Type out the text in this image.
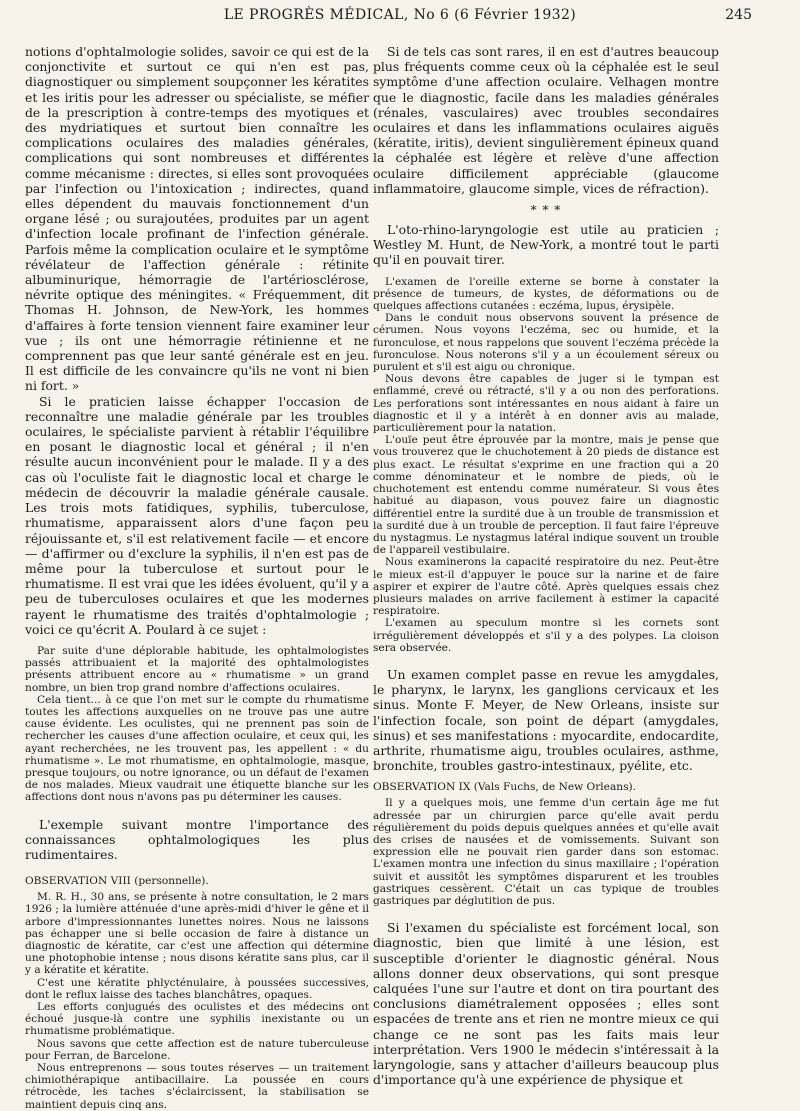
LE PROGRÈS MÉDICAL, No 6 (6 Février 1932)	245

notions d'ophtalmologie solides, savoir ce qui est de la conjonctivite et surtout ce qui n'en est pas, diagnostiquer ou simplement soupçonner les kératites et les iritis pour les adresser ou spécialiste, se méfier de la prescription à contre-temps des myotiques et des mydriatiques et surtout bien connaître les complications oculaires des maladies générales, complications qui sont nombreuses et différentes comme mécanisme : directes, si elles sont provoquées par l'infection ou l'intoxication ; indirectes, quand elles dépendent du mauvais fonctionnement d'un organe lésé ; ou surajoutées, produites par un agent d'infection locale profinant de l'infection générale. Parfois même la complication oculaire et le symptôme révélateur de l'affection générale : rétinite albuminurique, hémorragie de l'artériosclérose, névrite optique des méningites. « Fréquemment, dit Thomas H. Johnson, de New-York, les hommes d'affaires à forte tension viennent faire examiner leur vue ; ils ont une hémorragie rétinienne et ne comprennent pas que leur santé générale est en jeu. Il est difficile de les convaincre qu'ils ne vont ni bien ni fort. »

Si le praticien laisse échapper l'occasion de reconnaître une maladie générale par les troubles oculaires, le spécialiste parvient à rétablir l'équilibre en posant le diagnostic local et général ; il n'en résulte aucun inconvénient pour le malade. Il y a des cas où l'oculiste fait le diagnostic local et charge le médecin de découvrir la maladie générale causale. Les trois mots fatidiques, syphilis, tuberculose, rhumatisme, apparaissent alors d'une façon peu réjouissante et, s'il est relativement facile — et encore — d'affirmer ou d'exclure la syphilis, il n'en est pas de même pour la tuberculose et surtout pour le rhumatisme. Il est vrai que les idées évoluent, qu'il y a peu de tuberculoses oculaires et que les modernes rayent le rhumatisme des traités d'ophtalmologie ; voici ce qu'écrit A. Poulard à ce sujet :

Par suite d'une déplorable habitude, les ophtalmologistes passés attribuaient et la majorité des ophtalmologistes présents attribuent encore au « rhumatisme » un grand nombre, un bien trop grand nombre d'affections oculaires.

Cela tient... à ce que l'on met sur le compte du rhumatisme toutes les affections auxquelles on ne trouve pas une autre cause évidente. Les oculistes, qui ne prennent pas soin de rechercher les causes d'une affection oculaire, et ceux qui, les ayant recherchées, ne les trouvent pas, les appellent : « du rhumatisme ». Le mot rhumatisme, en ophtalmologie, masque, presque toujours, ou notre ignorance, ou un défaut de l'examen de nos malades. Mieux vaudrait une étiquette blanche sur les affections dont nous n'avons pas pu déterminer les causes.

L'exemple suivant montre l'importance des connaissances ophtalmologiques les plus rudimentaires.

OBSERVATION VIII (personnelle).

M. R. H., 30 ans, se présente à notre consultation, le 2 mars 1926 ; la lumière atténuée d'une après-midi d'hiver le gêne et il arbore d'impressionnantes lunettes noires. Nous ne laissons pas échapper une si belle occasion de faire à distance un diagnostic de kératite, car c'est une affection qui détermine une photophobie intense ; nous disons kératite sans plus, car il y a kératite et kératite.

C'est une kératite phlycténulaire, à poussées successives, dont le reflux laisse des taches blanchâtres, opaques.

Les efforts conjugués des oculistes et des médecins ont échoué jusque-là contre une syphilis inexistante ou un rhumatisme problématique.

Nous savons que cette affection est de nature tuberculeuse pour Ferran, de Barcelone.

Nous entreprenons — sous toutes réserves — un traitement chimiothérapique antibacillaire. La poussée en cours rétrocède, les taches s'éclaircissent, la stabilisation se maintient depuis cinq ans.

Si de tels cas sont rares, il en est d'autres beaucoup plus fréquents comme ceux où la céphalée est le seul symptôme d'une affection oculaire. Velhagen montre que le diagnostic, facile dans les maladies générales (rénales, vasculaires) avec troubles secondaires oculaires et dans les inflammations oculaires aiguës (kératite, iritis), devient singulièrement épineux quand la céphalée est légère et relève d'une affection oculaire difficilement appréciable (glaucome inflammatoire, glaucome simple, vices de réfraction).

* * *

L'oto-rhino-laryngologie est utile au praticien ; Westley M. Hunt, de New-York, a montré tout le parti qu'il en pouvait tirer.

L'examen de l'oreille externe se borne à constater la présence de tumeurs, de kystes, de déformations ou de quelques affections cutanées : eczéma, lupus, érysipèle.

Dans le conduit nous observons souvent la présence de cérumen. Nous voyons l'eczéma, sec ou humide, et la furonculose, et nous rappelons que souvent l'eczéma précède la furonculose. Nous noterons s'il y a un écoulement séreux ou purulent et s'il est aigu ou chronique.

Nous devons être capables de juger si le tympan est enflammé, crevé ou rétracté, s'il y a ou non des perforations. Les perforations sont intéressantes en nous aidant à faire un diagnostic et il y a intérêt à en donner avis au malade, particulièrement pour la natation.

L'ouïe peut être éprouvée par la montre, mais je pense que vous trouverez que le chuchotement à 20 pieds de distance est plus exact. Le résultat s'exprime en une fraction qui a 20 comme dénominateur et le nombre de pieds, où le chuchotement est entendu comme numérateur. Si vous êtes habitué au diapason, vous pouvez faire un diagnostic différentiel entre la surdité due à un trouble de transmission et la surdité due à un trouble de perception. Il faut faire l'épreuve du nystagmus. Le nystagmus latéral indique souvent un trouble de l'appareil vestibulaire.

Nous examinerons la capacité respiratoire du nez. Peut-être le mieux est-il d'appuyer le pouce sur la narine et de faire aspirer et expirer de l'autre côté. Après quelques essais chez plusieurs malades on arrive facilement à estimer la capacité respiratoire.

L'examen au speculum montre si les cornets sont irrégulièrement développés et s'il y a des polypes. La cloison sera observée.

Un examen complet passe en revue les amygdales, le pharynx, le larynx, les ganglions cervicaux et les sinus. Monte F. Meyer, de New Orleans, insiste sur l'infection focale, son point de départ (amygdales, sinus) et ses manifestations : myocardite, endocardite, arthrite, rhumatisme aigu, troubles oculaires, asthme, bronchite, troubles gastro-intestinaux, pyélite, etc.

OBSERVATION IX (Vals Fuchs, de New Orleans).

Il y a quelques mois, une femme d'un certain âge me fut adressée par un chirurgien parce qu'elle avait perdu régulièrement du poids depuis quelques années et qu'elle avait des crises de nausées et de vomissements. Suivant son expression elle ne pouvait rien garder dans son estomac. L'examen montra une infection du sinus maxillaire ; l'opération suivit et aussitôt les symptômes disparurent et les troubles gastriques cessèrent. C'était un cas typique de troubles gastriques par déglutition de pus.

Si l'examen du spécialiste est forcément local, son diagnostic, bien que limité à une lésion, est susceptible d'orienter le diagnostic général. Nous allons donner deux observations, qui sont presque calquées l'une sur l'autre et dont on tira pourtant des conclusions diamétralement opposées ; elles sont espacées de trente ans et rien ne montre mieux ce qui change ce ne sont pas les faits mais leur interprétation. Vers 1900 le médecin s'intéressait à la laryngologie, sans y attacher d'ailleurs beaucoup plus d'importance qu'à une expérience de physique et
